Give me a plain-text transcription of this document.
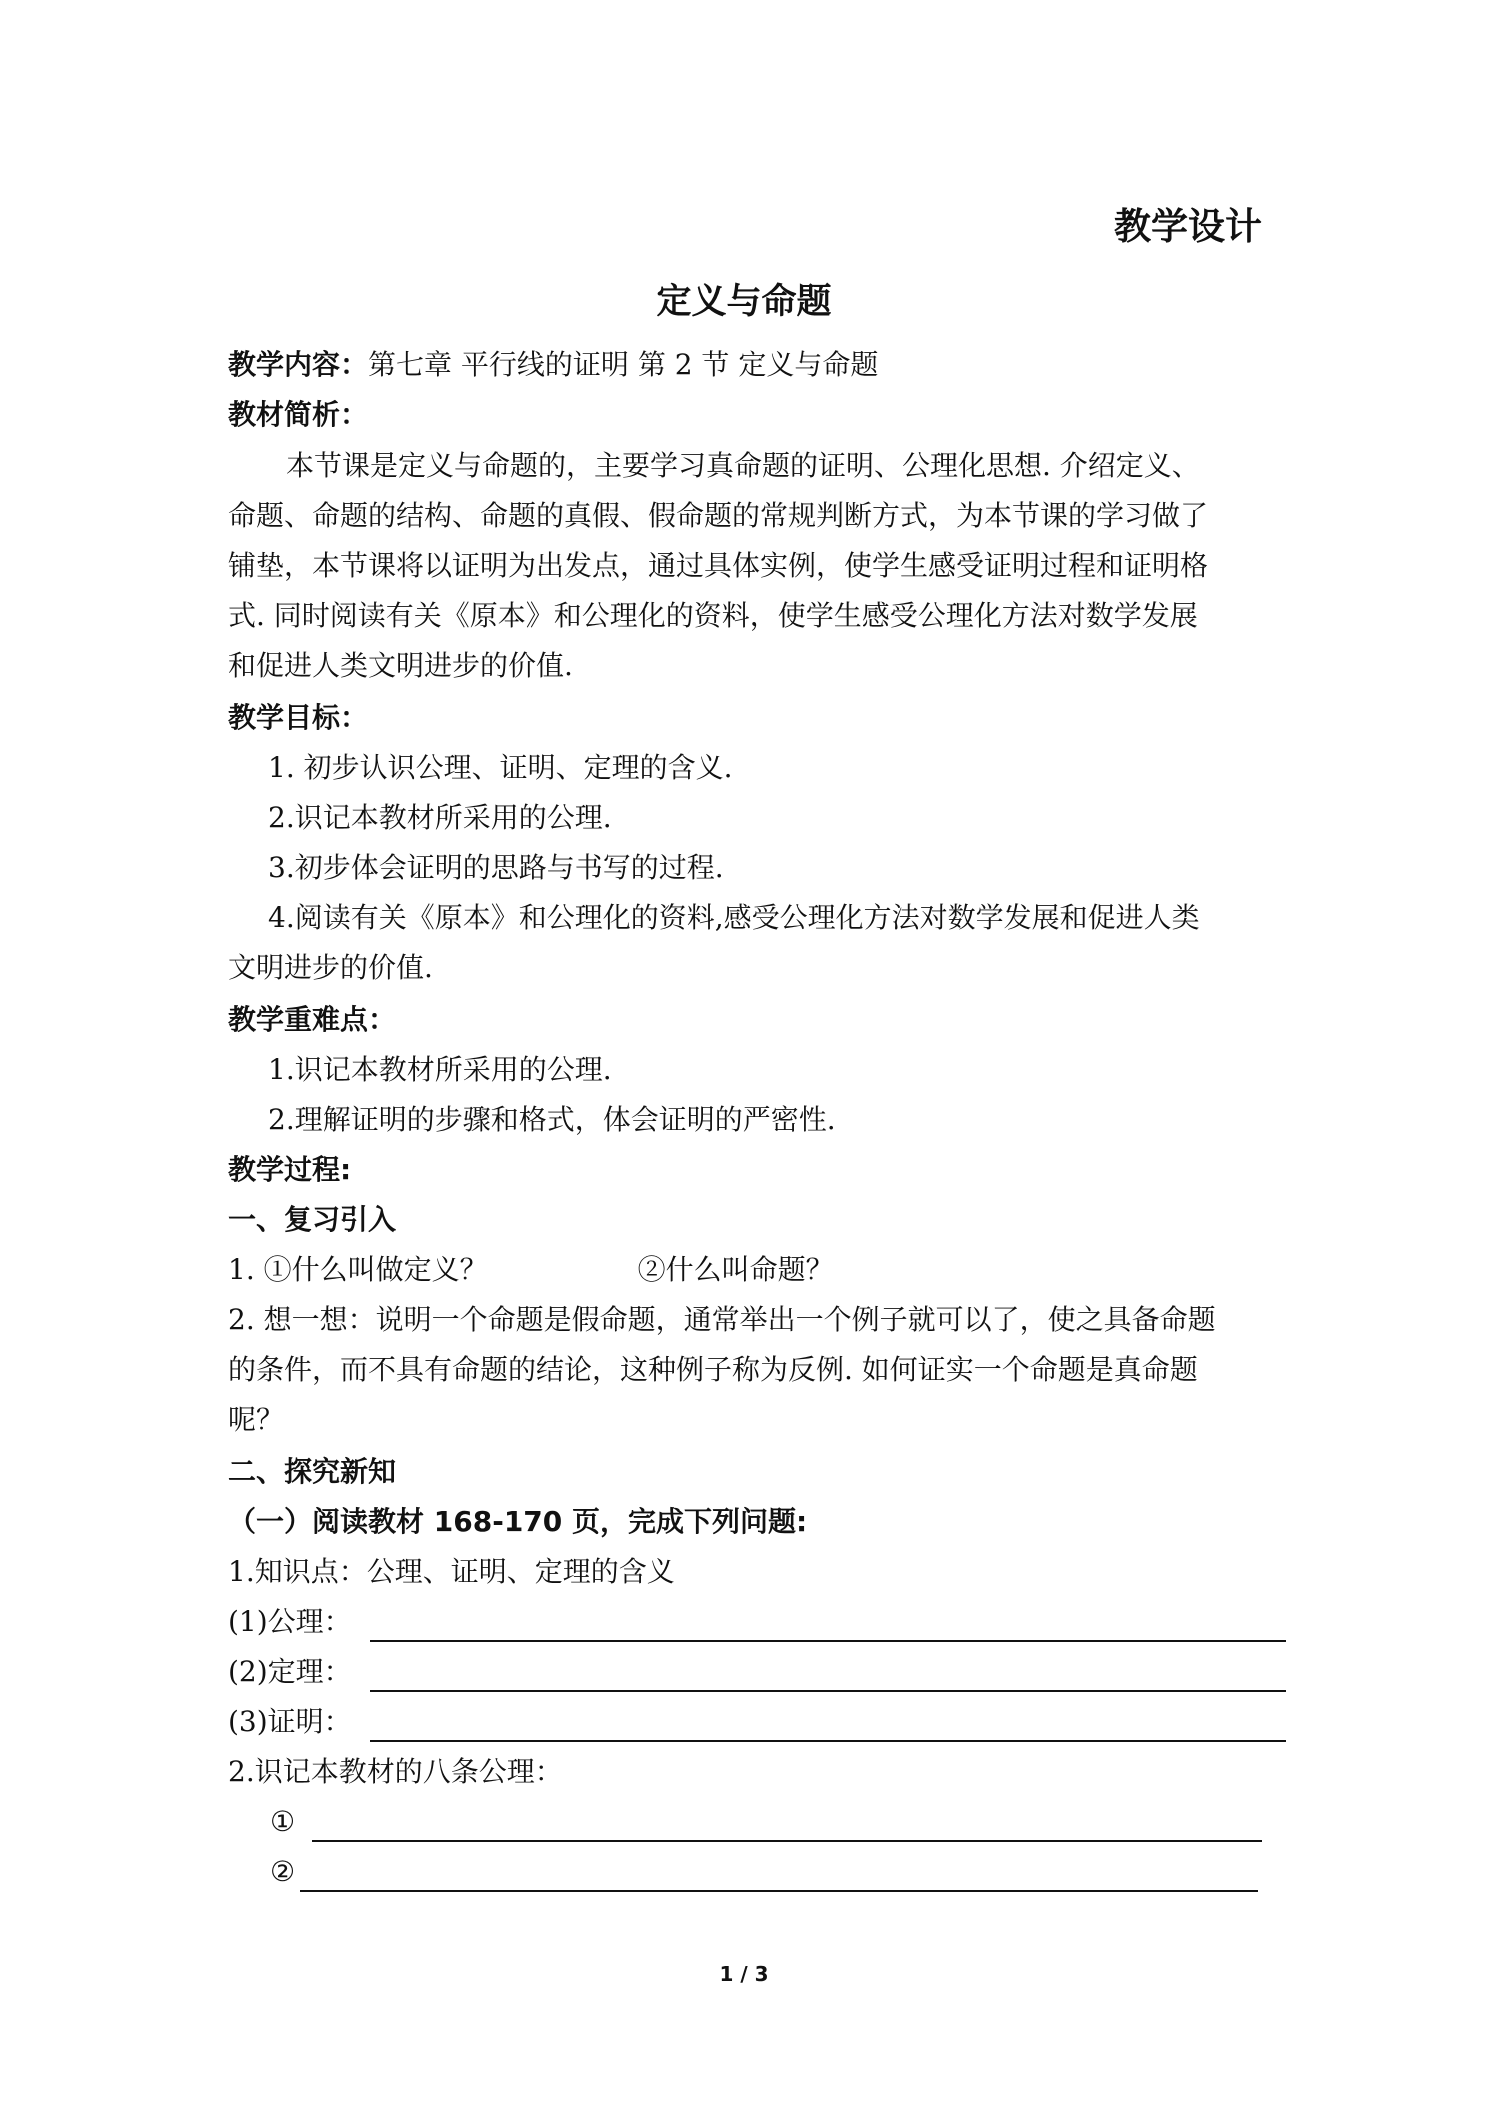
教学设计
定义与命题
教学内容：第七章 平行线的证明 第 2 节 定义与命题
教材简析：
本节课是定义与命题的，主要学习真命题的证明、公理化思想. 介绍定义、
命题、命题的结构、命题的真假、假命题的常规判断方式，为本节课的学习做了
铺垫，本节课将以证明为出发点，通过具体实例，使学生感受证明过程和证明格
式. 同时阅读有关《原本》和公理化的资料，使学生感受公理化方法对数学发展
和促进人类文明进步的价值.
教学目标：
1. 初步认识公理、证明、定理的含义.
2.识记本教材所采用的公理.
3.初步体会证明的思路与书写的过程.
4.阅读有关《原本》和公理化的资料,感受公理化方法对数学发展和促进人类
文明进步的价值.
教学重难点：
1.识记本教材所采用的公理.
2.理解证明的步骤和格式，体会证明的严密性.
教学过程:
一、复习引入
1. ①什么叫做定义？	②什么叫命题？
2. 想一想：说明一个命题是假命题，通常举出一个例子就可以了，使之具备命题
的条件，而不具有命题的结论，这种例子称为反例. 如何证实一个命题是真命题
呢？
二、探究新知
（一）阅读教材 168-170 页，完成下列问题:
1.知识点：公理、证明、定理的含义
(1)公理：
(2)定理：
(3)证明：
2.识记本教材的八条公理：
①
②
1 / 3
